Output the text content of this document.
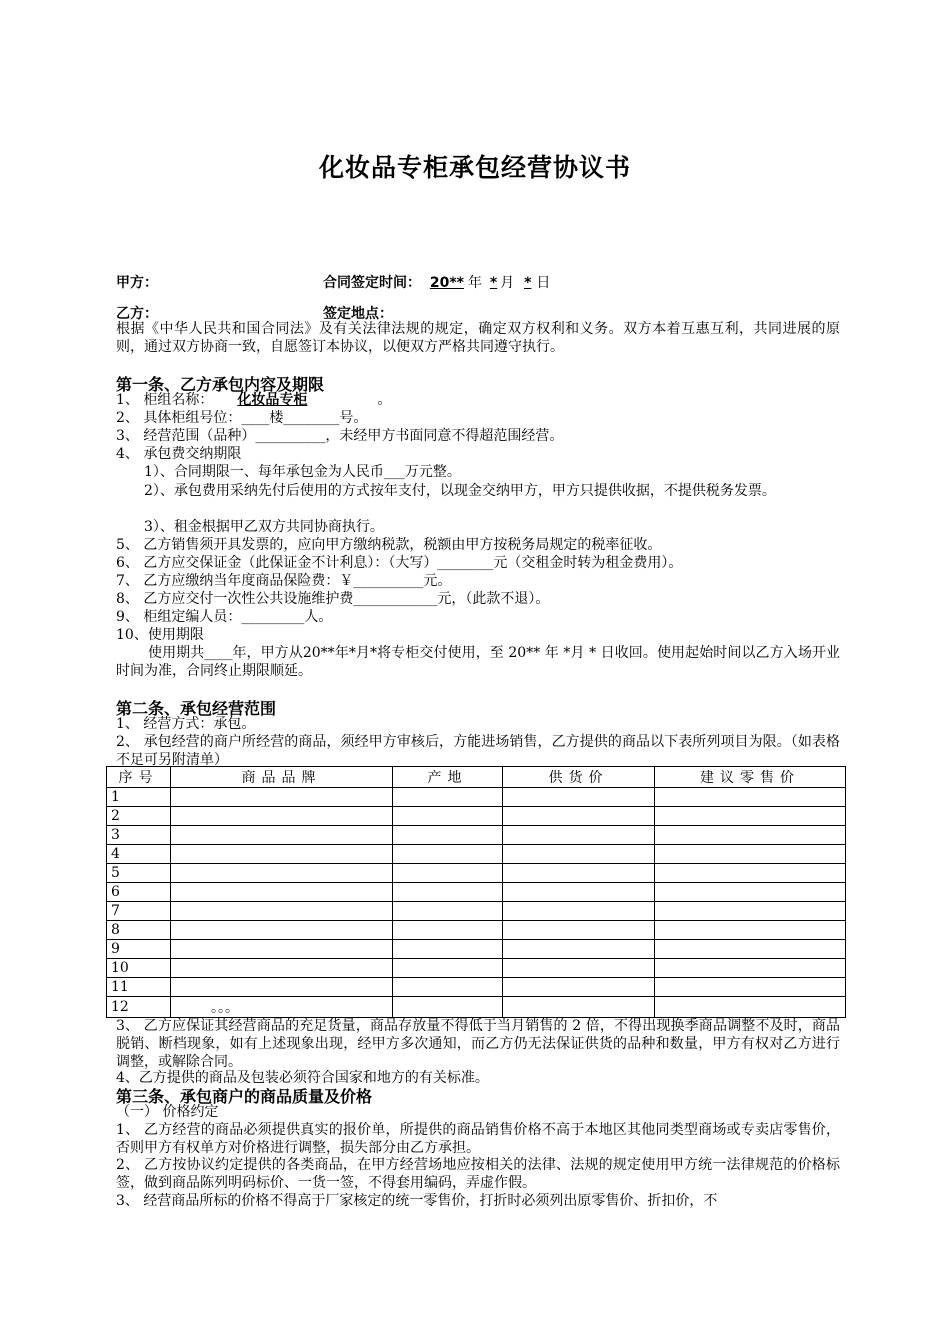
化妆品专柜承包经营协议书
甲方：	合同签定时间： 20** 年 * 月 * 日
乙方：	签定地点：
根据《中华人民共和国合同法》及有关法律法规的规定，确定双方权利和义务。双方本着互惠互利，共同进展的原则，通过双方协商一致，自愿签订本协议，以便双方严格共同遵守执行。
第一条、乙方承包内容及期限
1、 柜组名称： 化妆品专柜	。
2、 具体柜组号位：____楼________号。
3、 经营范围（品种）__________，未经甲方书面同意不得超范围经营。
4、 承包费交纳期限
1）、合同期限一、每年承包金为人民币___万元整。
2）、承包费用采纳先付后使用的方式按年支付，以现金交纳甲方，甲方只提供收据，不提供税务发票。
3）、租金根据甲乙双方共同协商执行。
5、 乙方销售须开具发票的，应向甲方缴纳税款，税额由甲方按税务局规定的税率征收。
6、 乙方应交保证金（此保证金不计利息）：（大写）________元（交租金时转为租金费用）。
7、 乙方应缴纳当年度商品保险费：￥__________元。
8、 乙方应交付一次性公共设施维护费____________元，（此款不退）。
9、 柜组定编人员：_________人。
10、使用期限
使用期共____年，甲方从20**年*月*将专柜交付使用，至 20** 年 *月 * 日收回。使用起始时间以乙方入场开业时间为准，合同终止期限顺延。
第二条、承包经营范围
1、 经营方式：承包。
2、 承包经营的商户所经营的商品，须经甲方审核后，方能进场销售，乙方提供的商品以下表所列项目为限。（如表格不足可另附清单）
序号	商品品牌	产地	供货价	建议零售价
1				
2				
3				
4				
5				
6				
7				
8				
9				
10				
11				
12	。。。			
3、 乙方应保证其经营商品的充足货量，商品存放量不得低于当月销售的 2 倍，不得出现换季商品调整不及时，商品脱销、断档现象，如有上述现象出现，经甲方多次通知，而乙方仍无法保证供货的品种和数量，甲方有权对乙方进行调整，或解除合同。
4、乙方提供的商品及包装必须符合国家和地方的有关标准。
第三条、承包商户的商品质量及价格
（一） 价格约定
1、 乙方经营的商品必须提供真实的报价单，所提供的商品销售价格不高于本地区其他同类型商场或专卖店零售价，否则甲方有权单方对价格进行调整，损失部分由乙方承担。
2、 乙方按协议约定提供的各类商品，在甲方经营场地应按相关的法律、法规的规定使用甲方统一法律规范的价格标签，做到商品陈列明码标价、一货一签，不得套用编码，弄虚作假。
3、 经营商品所标的价格不得高于厂家核定的统一零售价，打折时必须列出原零售价、折扣价，不
